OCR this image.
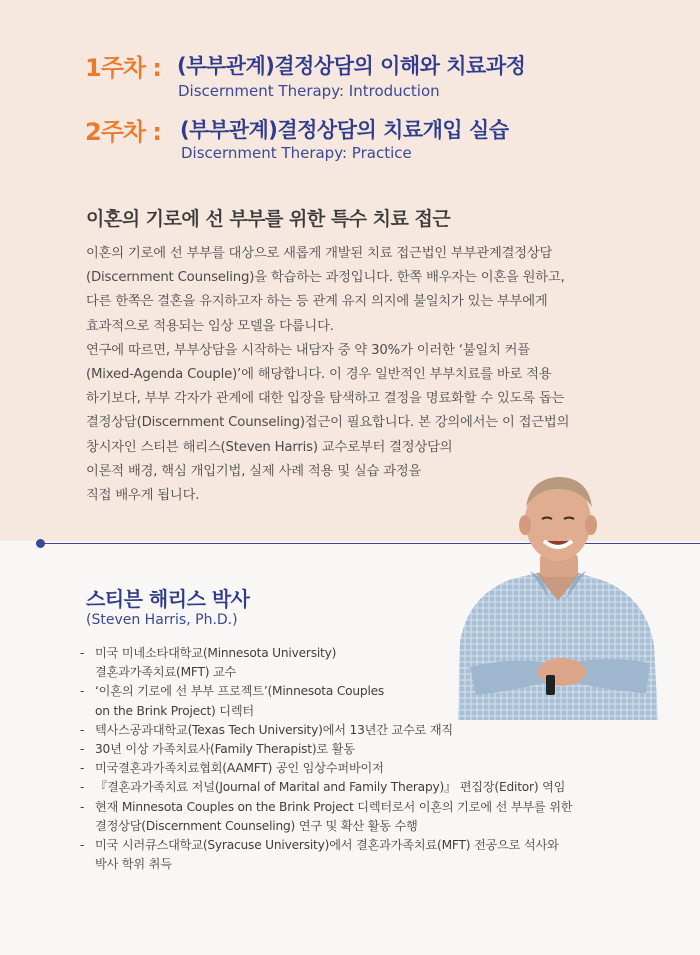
1주차 : (부부관계)결정상담의 이해와 치료과정
Discernment Therapy: Introduction
2주차 : (부부관계)결정상담의 치료개입 실습
Discernment Therapy: Practice
이혼의 기로에 선 부부를 위한 특수 치료 접근

이혼의 기로에 선 부부를 대상으로 새롭게 개발된 치료 접근법인 부부관계결정상담

(Discernment Counseling)을 학습하는 과정입니다. 한쪽 배우자는 이혼을 원하고,

다른 한쪽은 결혼을 유지하고자 하는 등 관계 유지 의지에 불일치가 있는 부부에게

효과적으로 적용되는 임상 모델을 다룹니다.

연구에 따르면, 부부상담을 시작하는 내담자 중 약 30%가 이러한 ‘불일치 커플

(Mixed-Agenda Couple)’에 해당합니다. 이 경우 일반적인 부부치료를 바로 적용

하기보다, 부부 각자가 관계에 대한 입장을 탐색하고 결정을 명료화할 수 있도록 돕는

결정상담(Discernment Counseling)접근이 필요합니다. 본 강의에서는 이 접근법의

창시자인 스티븐 해리스(Steven Harris) 교수로부터 결정상담의

이론적 배경, 핵심 개입기법, 실제 사례 적용 및 실습 과정을

직접 배우게 됩니다.

스티븐 해리스 박사
(Steven Harris, Ph.D.)
- 미국 미네소타대학교(Minnesota University)
결혼과가족치료(MFT) 교수
- ‘이혼의 기로에 선 부부 프로젝트’(Minnesota Couples
on the Brink Project) 디렉터
- 텍사스공과대학교(Texas Tech University)에서 13년간 교수로 재직
- 30년 이상 가족치료사(Family Therapist)로 활동
- 미국결혼과가족치료협회(AAMFT) 공인 임상수퍼바이저
- 『결혼과가족치료 저널(Journal of Marital and Family Therapy)』 편집장(Editor) 역임
- 현재 Minnesota Couples on the Brink Project 디렉터로서 이혼의 기로에 선 부부를 위한
결정상담(Discernment Counseling) 연구 및 확산 활동 수행
- 미국 시러큐스대학교(Syracuse University)에서 결혼과가족치료(MFT) 전공으로 석사와
박사 학위 취득
